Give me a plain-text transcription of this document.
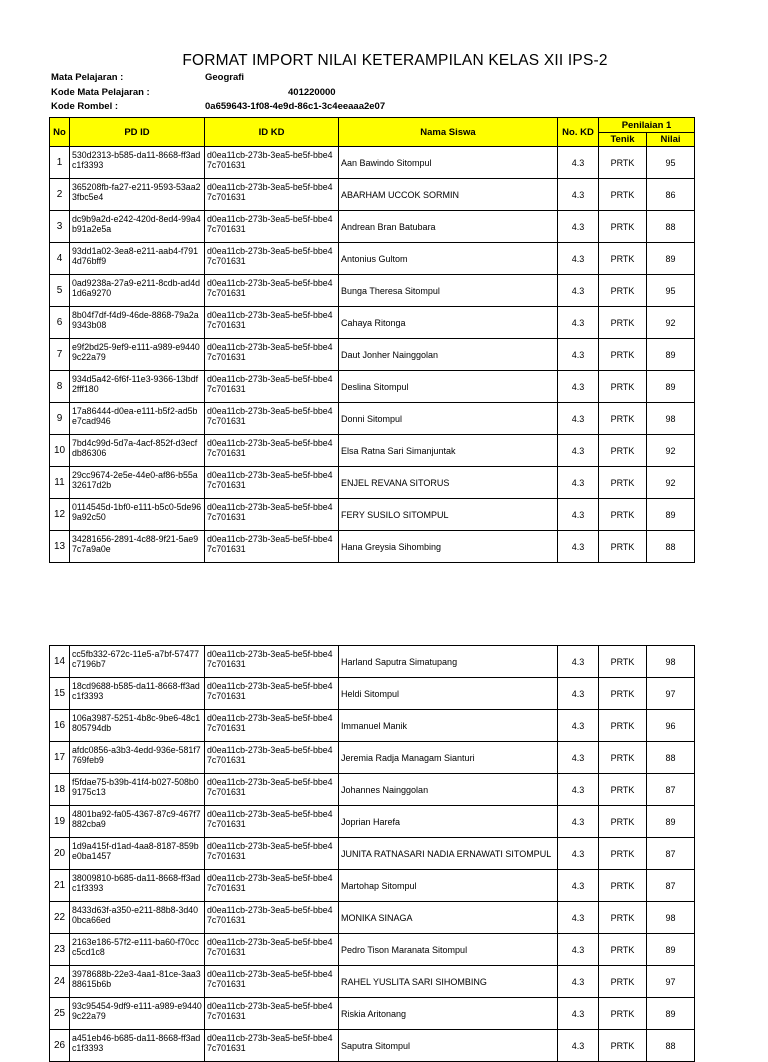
FORMAT IMPORT NILAI KETERAMPILAN KELAS XII IPS-2
Mata Pelajaran :	Geografi
Kode Mata Pelajaran :	401220000
Kode Rombel :	0a659643-1f08-4e9d-86c1-3c4eeaaa2e07
No	PD ID	ID KD	Nama Siswa	No. KD	Penilaian 1	
					Tenik	Nilai
1	530d2313-b585-da11-8668-ff3adc1f3393	d0ea11cb-273b-3ea5-be5f-bbe47c701631	Aan Bawindo Sitompul	4.3	PRTK	95
2	365208fb-fa27-e211-9593-53aa23fbc5e4	d0ea11cb-273b-3ea5-be5f-bbe47c701631	ABARHAM UCCOK SORMIN	4.3	PRTK	86
3	dc9b9a2d-e242-420d-8ed4-99a4b91a2e5a	d0ea11cb-273b-3ea5-be5f-bbe47c701631	Andrean Bran Batubara	4.3	PRTK	88
4	93dd1a02-3ea8-e211-aab4-f7914d76bff9	d0ea11cb-273b-3ea5-be5f-bbe47c701631	Antonius Gultom	4.3	PRTK	89
5	0ad9238a-27a9-e211-8cdb-ad4d1d6a9270	d0ea11cb-273b-3ea5-be5f-bbe47c701631	Bunga Theresa Sitompul	4.3	PRTK	95
6	8b04f7df-f4d9-46de-8868-79a2a9343b08	d0ea11cb-273b-3ea5-be5f-bbe47c701631	Cahaya Ritonga	4.3	PRTK	92
7	e9f2bd25-9ef9-e111-a989-e94409c22a79	d0ea11cb-273b-3ea5-be5f-bbe47c701631	Daut Jonher Nainggolan	4.3	PRTK	89
8	934d5a42-6f6f-11e3-9366-13bdf2fff180	d0ea11cb-273b-3ea5-be5f-bbe47c701631	Deslina Sitompul	4.3	PRTK	89
9	17a86444-d0ea-e111-b5f2-ad5be7cad946	d0ea11cb-273b-3ea5-be5f-bbe47c701631	Donni Sitompul	4.3	PRTK	98
10	7bd4c99d-5d7a-4acf-852f-d3ecfdb86306	d0ea11cb-273b-3ea5-be5f-bbe47c701631	Elsa Ratna Sari Simanjuntak	4.3	PRTK	92
11	29cc9674-2e5e-44e0-af86-b55a32617d2b	d0ea11cb-273b-3ea5-be5f-bbe47c701631	ENJEL REVANA SITORUS	4.3	PRTK	92
12	0114545d-1bf0-e111-b5c0-5de969a92c50	d0ea11cb-273b-3ea5-be5f-bbe47c701631	FERY SUSILO SITOMPUL	4.3	PRTK	89
13	34281656-2891-4c88-9f21-5ae97c7a9a0e	d0ea11cb-273b-3ea5-be5f-bbe47c701631	Hana Greysia Sihombing	4.3	PRTK	88
14	cc5fb332-672c-11e5-a7bf-57477c7196b7	d0ea11cb-273b-3ea5-be5f-bbe47c701631	Harland Saputra Simatupang	4.3	PRTK	98
15	18cd9688-b585-da11-8668-ff3adc1f3393	d0ea11cb-273b-3ea5-be5f-bbe47c701631	Heldi Sitompul	4.3	PRTK	97
16	106a3987-5251-4b8c-9be6-48c1805794db	d0ea11cb-273b-3ea5-be5f-bbe47c701631	Immanuel Manik	4.3	PRTK	96
17	afdc0856-a3b3-4edd-936e-581f7769feb9	d0ea11cb-273b-3ea5-be5f-bbe47c701631	Jeremia Radja Managam Sianturi	4.3	PRTK	88
18	f5fdae75-b39b-41f4-b027-508b09175c13	d0ea11cb-273b-3ea5-be5f-bbe47c701631	Johannes Nainggolan	4.3	PRTK	87
19	4801ba92-fa05-4367-87c9-467f7882cba9	d0ea11cb-273b-3ea5-be5f-bbe47c701631	Joprian Harefa	4.3	PRTK	89
20	1d9a415f-d1ad-4aa8-8187-859be0ba1457	d0ea11cb-273b-3ea5-be5f-bbe47c701631	JUNITA RATNASARI NADIA ERNAWATI SITOMPUL	4.3	PRTK	87
21	38009810-b685-da11-8668-ff3adc1f3393	d0ea11cb-273b-3ea5-be5f-bbe47c701631	Martohap Sitompul	4.3	PRTK	87
22	8433d63f-a350-e211-88b8-3d400bca66ed	d0ea11cb-273b-3ea5-be5f-bbe47c701631	MONIKA SINAGA	4.3	PRTK	98
23	2163e186-57f2-e111-ba60-f70ccc5cd1c8	d0ea11cb-273b-3ea5-be5f-bbe47c701631	Pedro Tison Maranata Sitompul	4.3	PRTK	89
24	3978688b-22e3-4aa1-81ce-3aa388615b6b	d0ea11cb-273b-3ea5-be5f-bbe47c701631	RAHEL YUSLITA SARI SIHOMBING	4.3	PRTK	97
25	93c95454-9df9-e111-a989-e94409c22a79	d0ea11cb-273b-3ea5-be5f-bbe47c701631	Riskia Aritonang	4.3	PRTK	89
26	a451eb46-b685-da11-8668-ff3adc1f3393	d0ea11cb-273b-3ea5-be5f-bbe47c701631	Saputra Sitompul	4.3	PRTK	88
